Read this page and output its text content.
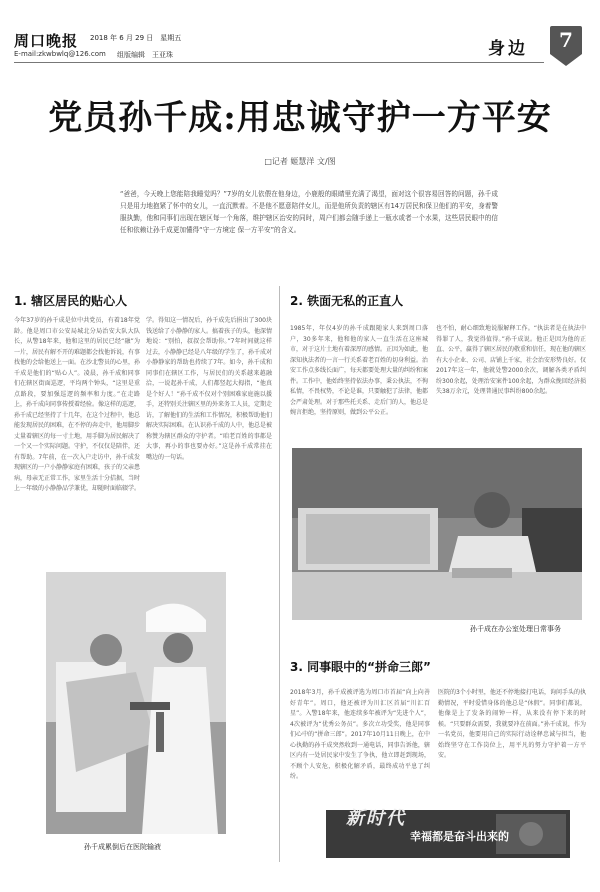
周口晚报 2018 年 6 月 29 日　星期五
E-mail:zkwbwlq@126.com 组版编辑　王亚珠	身边	7
党员孙千成:用忠诚守护一方平安
□记者 姬慧洋 文/图
“爸爸，今天晚上您能陪我睡觉吗？”7岁的女儿依偎在他身边，小鹿般的眼睛里充满了渴望，面对这个很容易回答的问题，孙千成只是用力地抱紧了怀中的女儿，一直沉默着。不是他不愿意陪伴女儿，而是他所负责的辖区有14万居民和保卫他们的平安，身着警服执勤，他和同事们出现在辖区每一个角落，维护辖区治安的同时，周户们都会随手递上一瓶水或者一个水果，这些居民眼中的信任和依赖让孙千成更加懂得“守一方境定 保一方平安”的含义。
1. 辖区居民的贴心人
今年37岁的孙千成是位中共党员，有着18年党龄。他是周口市公安局城北分局治安大队大队长，从警18年来，他和这里的居民已经“融”为一片，居民有解不开的难题都会找他诉说，有事找他的会给他送上一面。在沙北警员的心里，孙千成是他们的“贴心人”。凌晨，孙千成和同事们在辖区街面巡逻，平均两个钟头，“这里是重点路段，要加强巡逻的频率和力度。”在走路上，孙千成向同事传授着经验。像这样的巡逻，孙千成已经坚持了十几年，在这个过程中，他总能发现居民的困难，在不停的奔走中，他用脚步丈量着辖区的每一寸土地，用手脚为居民解决了一个又一个实际问题。守护，不仅仅是陪伴，还有帮助。7年前，在一次入户走访中，孙千成发现辖区的一户小静静家庭有困难，孩子的父亲患病，母亲无正常工作，家里生活十分拮据，当时上一年级的小静静品学兼优，却随时面临辍学。
学。得知这一情况后，孙千成先后捐出了300块钱送给了小静静的家人。搞着孩子的头，他深情地说：“别怕，叔叔会帮助你。”7年时间就这样过去，小静静已经是八年级的学生了，孙千成对小静静家的帮助也持续了7年。如今，孙千成和同事们在辖区工作，与居民们的关系越来越融洽，一说起孙千成，人们都竖起大拇指，“他真是个好人！”孙千成不仅对个别困难家庭施以援手，还特别关注辖区里的外来务工人员，定期走访，了解他们的生活和工作情况，积极帮助他们解决实际困难。在认识孙千成的人中，他总是被称赞为辖区群众的守护者。“咱老百姓的事都是大事，再小的事也要办好。”这是孙千成常挂在嘴边的一句话。
孙千成累倒后在医院输液
2. 铁面无私的正直人
1985年，年仅4岁的孙千成跟随家人来到周口落户，30多年来，他和他的家人一直生活在这座城市，对于这片土地有着深厚的感情。正因为如此，他深知执法者的一言一行关系着老百姓的切身利益。治安工作点多线长面广，每天都要处理大量的纠纷和案件。工作中，他始终坚持依法办事，秉公执法，不徇私情，不畏权势，不论是谁，只要触犯了法律，他都会严肃处理。对于那些托关系、走后门的人，他总是婉言拒绝，坚持原则，做到公平公正。
也不怕，耐心细致地说服解释工作。“执法者是在执法中得罪了人，我觉得值得。”孙千成说。他正是因为他的正直、公平，赢得了辖区居民的敬重和信任，现在他的辖区有大小企业、公司、店铺上千家，社会治安形势良好。仅2017年这一年，他就处警2000余次，调解各类矛盾纠纷300余起，处理治安案件100余起，为群众挽回经济损失38万余元，处理普通民事纠纷800余起。
孙千成在办公室处理日常事务
3. 同事眼中的“拼命三郎”
2018年3月，孙千成被评选为周口市首届“向上向善好青年”。周口，他还被评为川汇区首届“川汇百星”。入警18年来，他连续多年被评为“先进个人”，4次被评为“优秀公务员”。多次立功受奖，他是同事们心中的“拼命三郎”。2017年10月11日晚上，在中心执勤的孙千成突然收到一通电话，同事告诉他，辖区内有一处居民家中发生了争执，他立即赶到现场，不顾个人安危，积极化解矛盾，最终成功平息了纠纷。
医院的3个小时里，他还不停地接打电话，询问手头的执勤情况，平时爱惜身体的他总是“休假”。同事们都说，他像是上了发条的闹钟一样，从来没有停下来的时候。“只要群众需要，我就要冲在前面。”孙千成说，作为一名党员，他要用自己的实际行动诠释忠诚与担当，他始终坚守在工作岗位上，用平凡的努力守护着一方平安。
新时代
幸福都是奋斗出来的
